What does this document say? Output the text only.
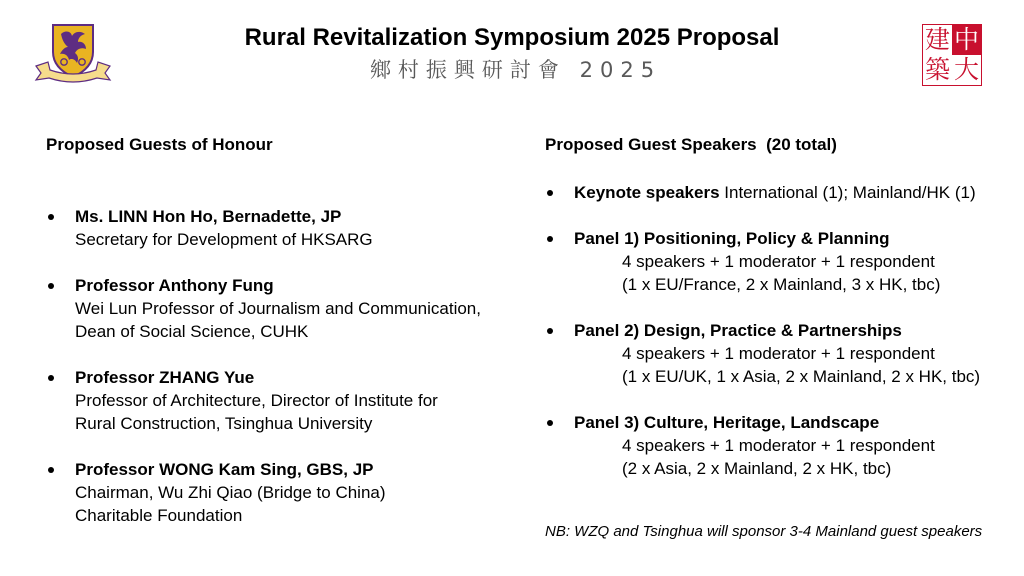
Rural Revitalization Symposium 2025 Proposal
鄉村振興研討會 2025
建 中
築 大
Proposed Guests of Honour
Ms. LINN Hon Ho, Bernadette, JP
Secretary for Development of HKSARG
Professor Anthony Fung
Wei Lun Professor of Journalism and Communication,
Dean of Social Science, CUHK
Professor ZHANG Yue
Professor of Architecture, Director of Institute for
Rural Construction, Tsinghua University
Professor WONG Kam Sing, GBS, JP
Chairman, Wu Zhi Qiao (Bridge to China)
Charitable Foundation
Proposed Guest Speakers  (20 total)
Keynote speakers International (1); Mainland/HK (1)
Panel 1) Positioning, Policy & Planning
4 speakers + 1 moderator + 1 respondent
(1 x EU/France, 2 x Mainland, 3 x HK, tbc)
Panel 2) Design, Practice & Partnerships
4 speakers + 1 moderator + 1 respondent
(1 x EU/UK, 1 x Asia, 2 x Mainland, 2 x HK, tbc)
Panel 3) Culture, Heritage, Landscape
4 speakers + 1 moderator + 1 respondent
(2 x Asia, 2 x Mainland, 2 x HK, tbc)
NB: WZQ and Tsinghua will sponsor 3-4 Mainland guest speakers
